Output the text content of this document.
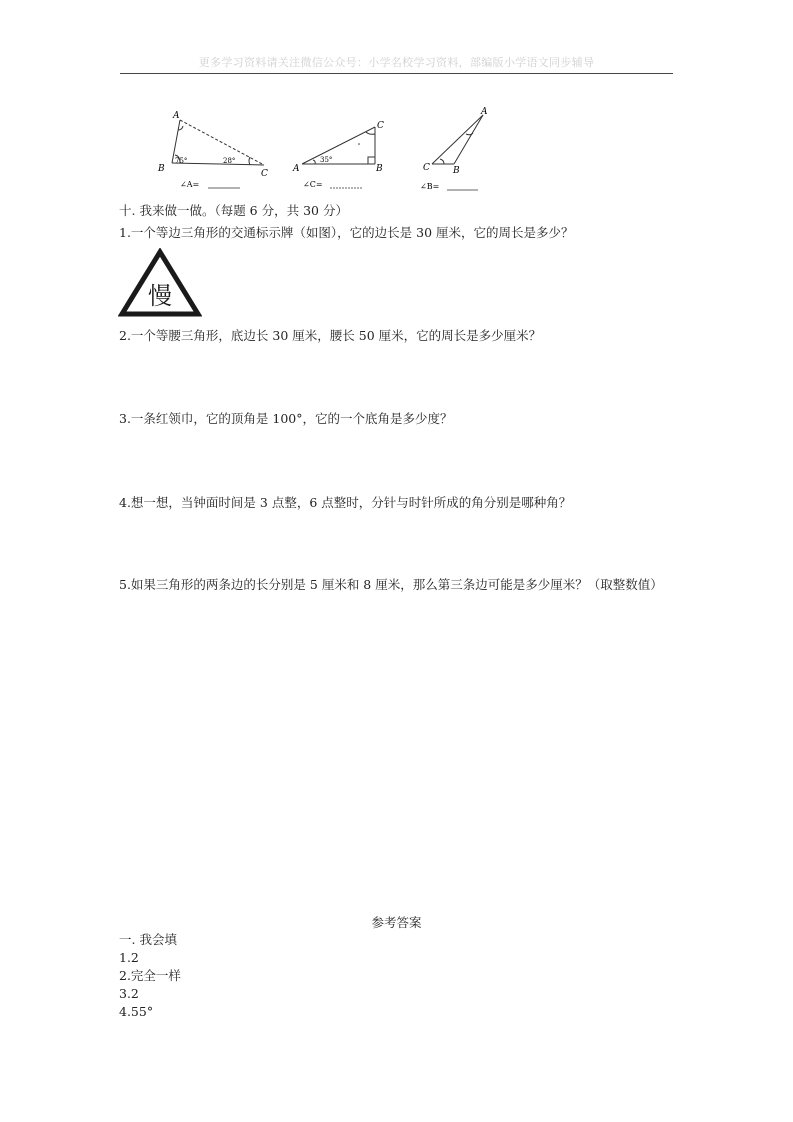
更多学习资料请关注微信公众号：小学名校学习资料，部编版小学语文同步辅导
A
B	C
75°	28°
∠A=
A	B
C
35°
∠C=
A
B
C
∠B=
十. 我来做一做。（每题 6 分，共 30 分）
1.一个等边三角形的交通标示牌（如图），它的边长是 30 厘米，它的周长是多少？
慢
2.一个等腰三角形，底边长 30 厘米，腰长 50 厘米，它的周长是多少厘米？
3.一条红领巾，它的顶角是 100°，它的一个底角是多少度？
4.想一想，当钟面时间是 3 点整，6 点整时，分针与时针所成的角分别是哪种角？
5.如果三角形的两条边的长分别是 5 厘米和 8 厘米，那么第三条边可能是多少厘米？（取整数值）
参考答案
一. 我会填
1.2
2.完全一样
3.2
4.55°
